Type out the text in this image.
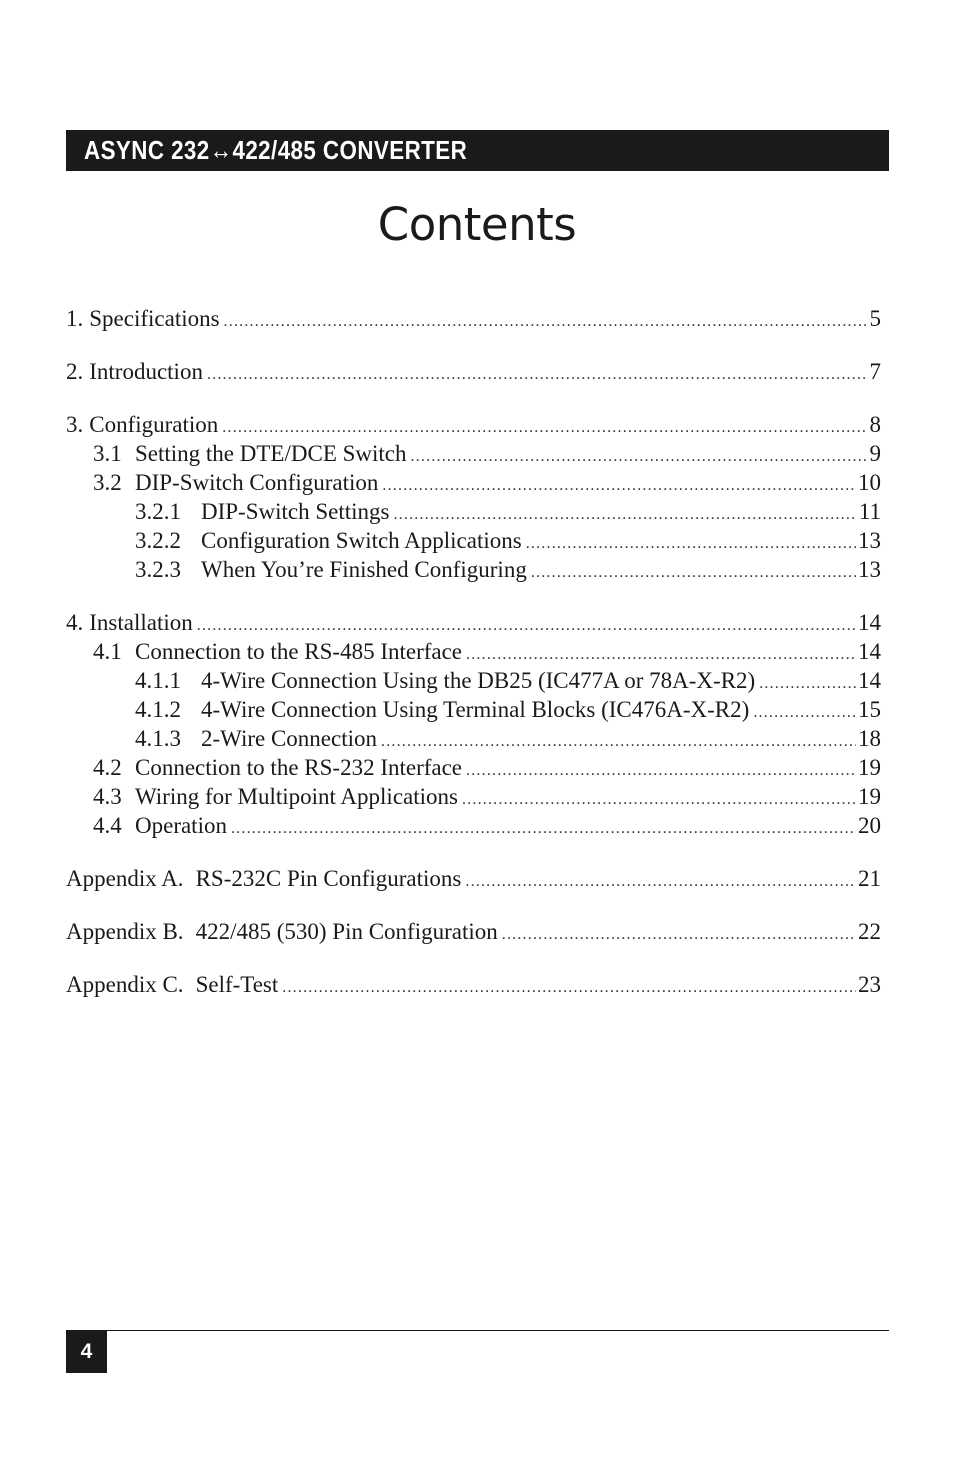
ASYNC 232↔422/485 CONVERTER
Contents
1. Specifications .....	5
2. Introduction .....	7
3. Configuration .....	8
3.1 Setting the DTE/DCE Switch .....	9
3.2 DIP-Switch Configuration .....	10
3.2.1 DIP-Switch Settings .....	11
3.2.2 Configuration Switch Applications .....	13
3.2.3 When You’re Finished Configuring .....	13
4. Installation .....	14
4.1 Connection to the RS-485 Interface .....	14
4.1.1 4-Wire Connection Using the DB25 (IC477A or 78A-X-R2) .....	14
4.1.2 4-Wire Connection Using Terminal Blocks (IC476A-X-R2) .....	15
4.1.3 2-Wire Connection .....	18
4.2 Connection to the RS-232 Interface .....	19
4.3 Wiring for Multipoint Applications .....	19
4.4 Operation .....	20
Appendix A. RS-232C Pin Configurations .....	21
Appendix B. 422/485 (530) Pin Configuration .....	22
Appendix C. Self-Test .....	23
4
